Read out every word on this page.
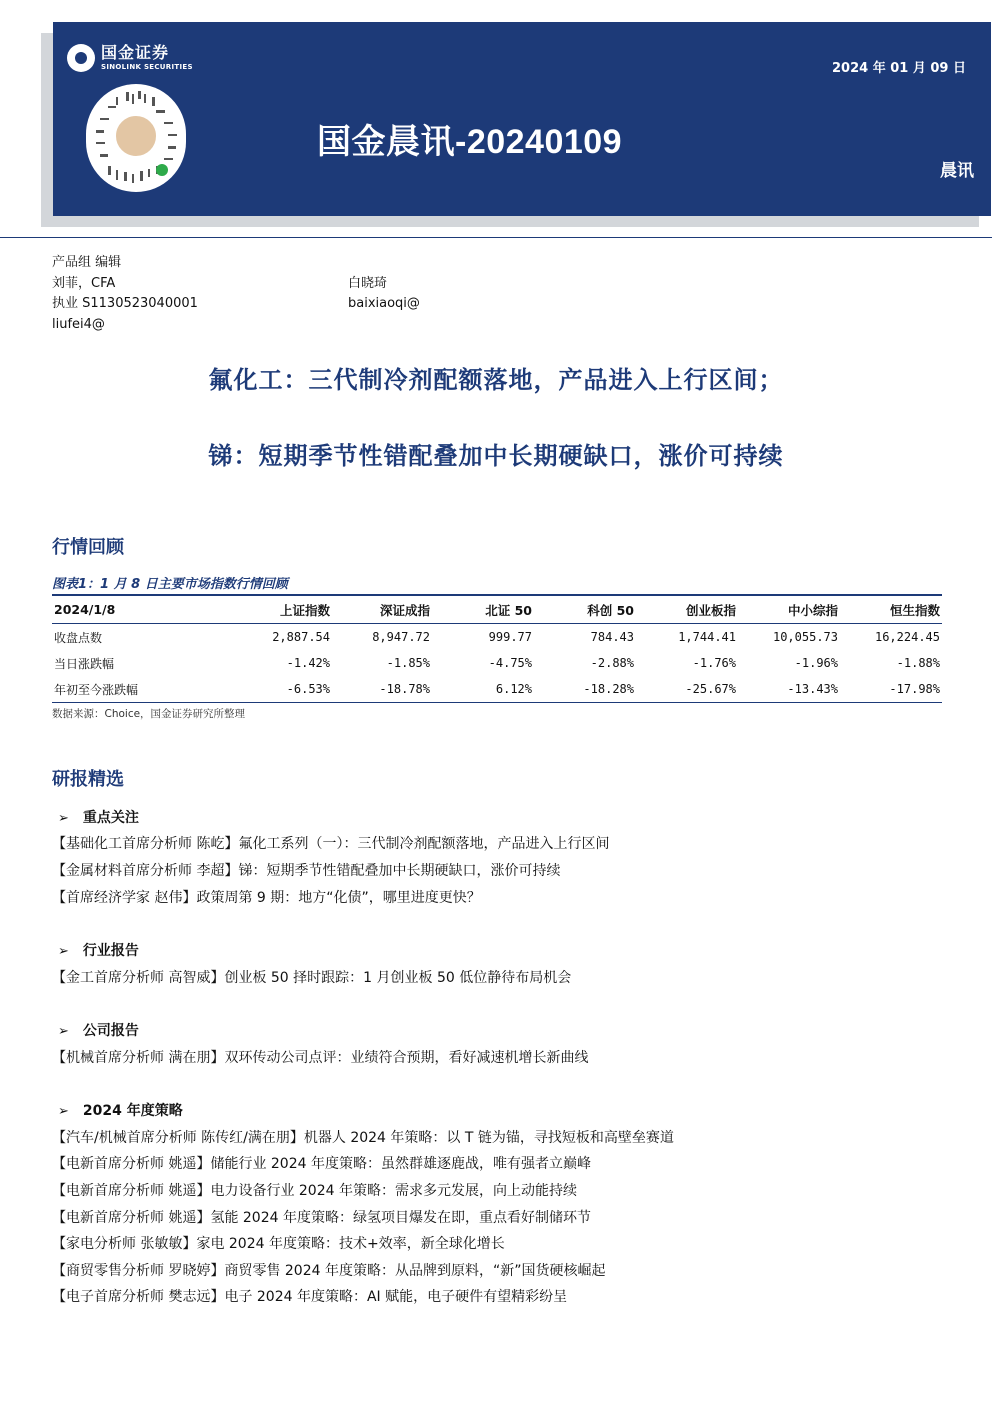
国金证券
SINOLINK SECURITIES	2024 年 01 月 09 日
国金晨讯-20240109
晨讯
产品组 编辑
刘菲，CFA
执业 S1130523040001
liufei4@
白晓琦
baixiaoqi@
氟化工：三代制冷剂配额落地，产品进入上行区间；
锑：短期季节性错配叠加中长期硬缺口，涨价可持续
行情回顾
图表1：1 月 8 日主要市场指数行情回顾
2024/1/8	上证指数	深证成指	北证 50	科创 50	创业板指	中小综指	恒生指数
收盘点数	2,887.54	8,947.72	999.77	784.43	1,744.41	10,055.73	16,224.45
当日涨跌幅	-1.42%	-1.85%	-4.75%	-2.88%	-1.76%	-1.96%	-1.88%
年初至今涨跌幅	-6.53%	-18.78%	6.12%	-18.28%	-25.67%	-13.43%	-17.98%
数据来源：Choice，国金证券研究所整理
研报精选
➢ 重点关注
【基础化工首席分析师 陈屹】氟化工系列（一）：三代制冷剂配额落地，产品进入上行区间
【金属材料首席分析师 李超】锑：短期季节性错配叠加中长期硬缺口，涨价可持续
【首席经济学家 赵伟】政策周第 9 期：地方“化债”，哪里进度更快？
➢ 行业报告
【金工首席分析师 高智威】创业板 50 择时跟踪：1 月创业板 50 低位静待布局机会
➢ 公司报告
【机械首席分析师 满在朋】双环传动公司点评：业绩符合预期，看好减速机增长新曲线
➢ 2024 年度策略
【汽车/机械首席分析师 陈传红/满在朋】机器人 2024 年策略：以 T 链为锚，寻找短板和高壁垒赛道
【电新首席分析师 姚遥】储能行业 2024 年度策略：虽然群雄逐鹿战，唯有强者立巅峰
【电新首席分析师 姚遥】电力设备行业 2024 年策略：需求多元发展，向上动能持续
【电新首席分析师 姚遥】氢能 2024 年度策略：绿氢项目爆发在即，重点看好制储环节
【家电分析师 张敏敏】家电 2024 年度策略：技术+效率，新全球化增长
【商贸零售分析师 罗晓婷】商贸零售 2024 年度策略：从品牌到原料，“新”国货硬核崛起
【电子首席分析师 樊志远】电子 2024 年度策略：AI 赋能，电子硬件有望精彩纷呈
